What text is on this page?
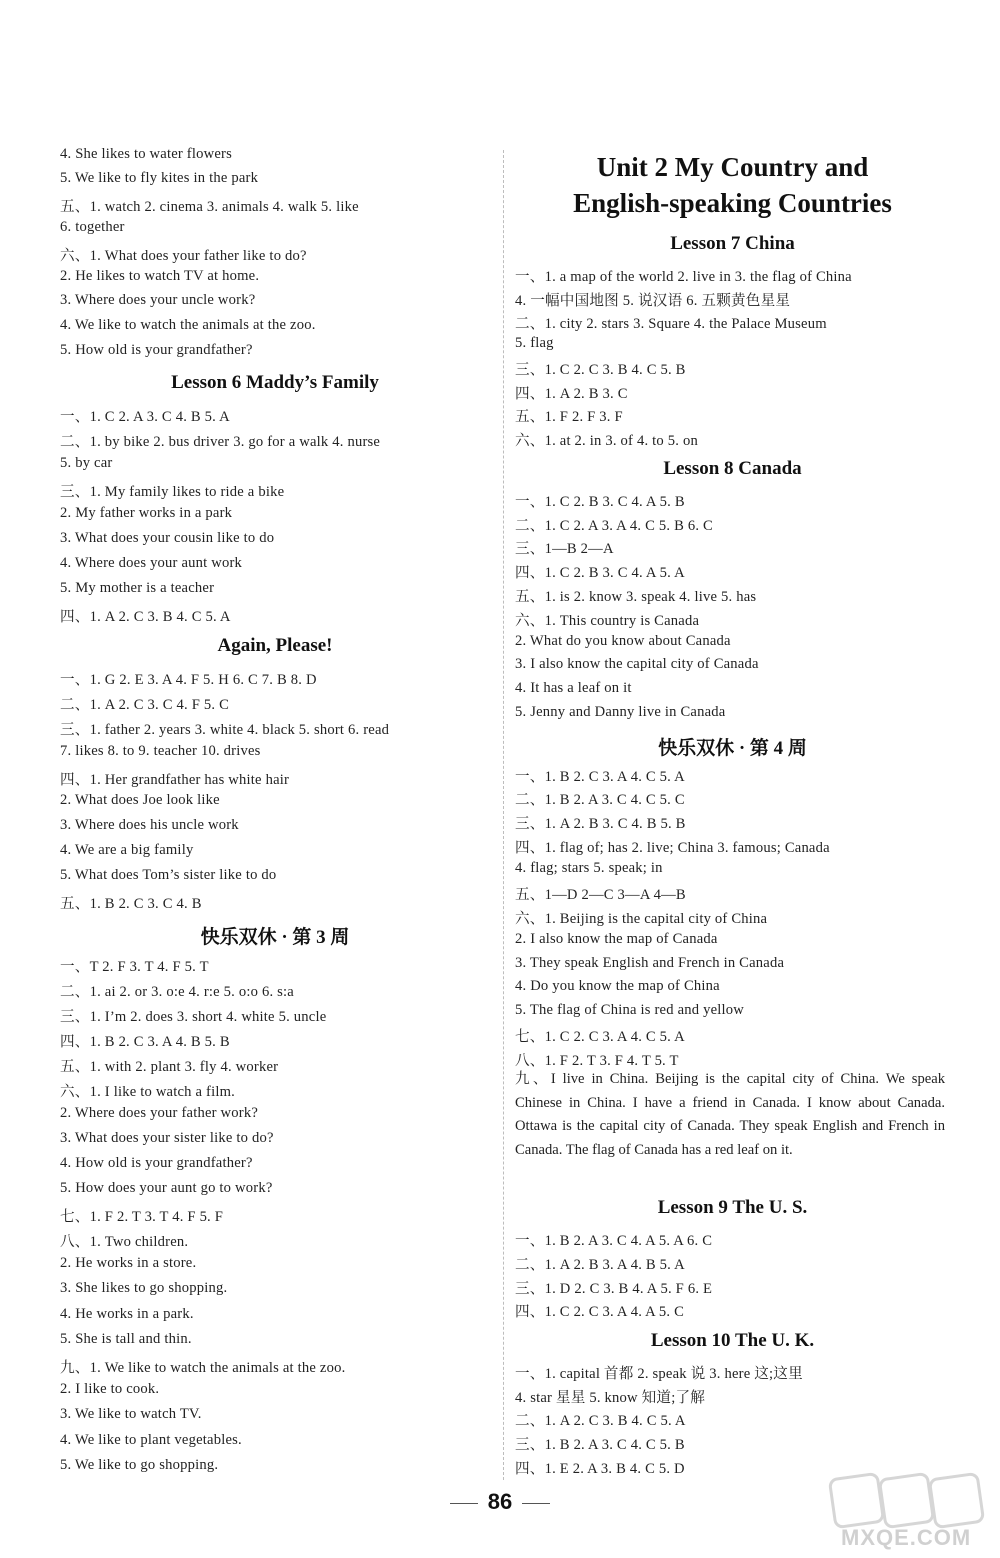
4. She likes to water flowers
5. We like to fly kites in the park
五、1. watch 2. cinema 3. animals 4. walk 5. like
6. together
六、1. What does your father like to do?
2. He likes to watch TV at home.
3. Where does your uncle work?
4. We like to watch the animals at the zoo.
5. How old is your grandfather?
Lesson 6 Maddy’s Family
一、1. C 2. A 3. C 4. B 5. A
二、1. by bike 2. bus driver 3. go for a walk 4. nurse
5. by car
三、1. My family likes to ride a bike
2. My father works in a park
3. What does your cousin like to do
4. Where does your aunt work
5. My mother is a teacher
四、1. A 2. C 3. B 4. C 5. A
Again, Please!
一、1. G 2. E 3. A 4. F 5. H 6. C 7. B 8. D
二、1. A 2. C 3. C 4. F 5. C
三、1. father 2. years 3. white 4. black 5. short 6. read
7. likes 8. to 9. teacher 10. drives
四、1. Her grandfather has white hair
2. What does Joe look like
3. Where does his uncle work
4. We are a big family
5. What does Tom’s sister like to do
五、1. B 2. C 3. C 4. B
快乐双休 · 第 3 周
一、T 2. F 3. T 4. F 5. T
二、1. ai 2. or 3. o:e 4. r:e 5. o:o 6. s:a
三、1. I’m 2. does 3. short 4. white 5. uncle
四、1. B 2. C 3. A 4. B 5. B
五、1. with 2. plant 3. fly 4. worker
六、1. I like to watch a film.
2. Where does your father work?
3. What does your sister like to do?
4. How old is your grandfather?
5. How does your aunt go to work?
七、1. F 2. T 3. T 4. F 5. F
八、1. Two children.
2. He works in a store.
3. She likes to go shopping.
4. He works in a park.
5. She is tall and thin.
九、1. We like to watch the animals at the zoo.
2. I like to cook.
3. We like to watch TV.
4. We like to plant vegetables.
5. We like to go shopping.
Unit 2 My Country and
English-speaking Countries
Lesson 7 China
一、1. a map of the world 2. live in 3. the flag of China
4. 一幅中国地图 5. 说汉语 6. 五颗黄色星星
二、1. city 2. stars 3. Square 4. the Palace Museum
5. flag
三、1. C 2. C 3. B 4. C 5. B
四、1. A 2. B 3. C
五、1. F 2. F 3. F
六、1. at 2. in 3. of 4. to 5. on
Lesson 8 Canada
一、1. C 2. B 3. C 4. A 5. B
二、1. C 2. A 3. A 4. C 5. B 6. C
三、1—B 2—A
四、1. C 2. B 3. C 4. A 5. A
五、1. is 2. know 3. speak 4. live 5. has
六、1. This country is Canada
2. What do you know about Canada
3. I also know the capital city of Canada
4. It has a leaf on it
5. Jenny and Danny live in Canada
快乐双休 · 第 4 周
一、1. B 2. C 3. A 4. C 5. A
二、1. B 2. A 3. C 4. C 5. C
三、1. A 2. B 3. C 4. B 5. B
四、1. flag of; has 2. live; China 3. famous; Canada
4. flag; stars 5. speak; in
五、1—D 2—C 3—A 4—B
六、1. Beijing is the capital city of China
2. I also know the map of Canada
3. They speak English and French in Canada
4. Do you know the map of China
5. The flag of China is red and yellow
七、1. C 2. C 3. A 4. C 5. A
八、1. F 2. T 3. F 4. T 5. T

九、I live in China. Beijing is the capital city of China. We speak Chinese in China. I have a friend in Canada. I know about Canada. Ottawa is the capital city of Canada. They speak English and French in Canada. The flag of Canada has a red leaf on it.

Lesson 9 The U. S.
一、1. B 2. A 3. C 4. A 5. A 6. C
二、1. A 2. B 3. A 4. B 5. A
三、1. D 2. C 3. B 4. A 5. F 6. E
四、1. C 2. C 3. A 4. A 5. C
Lesson 10 The U. K.
一、1. capital 首都 2. speak 说 3. here 这;这里
4. star 星星 5. know 知道;了解
二、1. A 2. C 3. B 4. C 5. A
三、1. B 2. A 3. C 4. C 5. B
四、1. E 2. A 3. B 4. C 5. D
86
MXQE.COM
